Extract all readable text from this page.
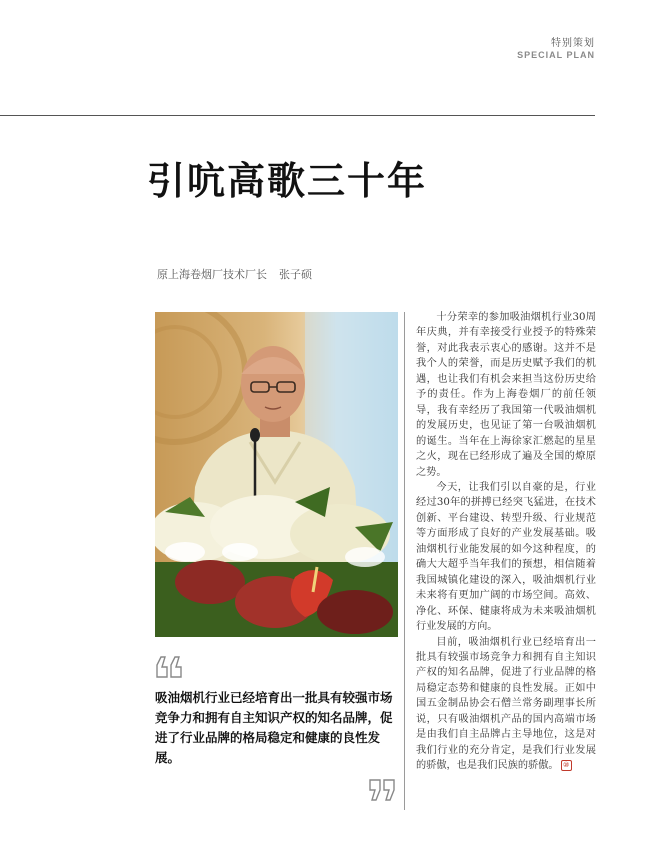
特别策划
SPECIAL PLAN
引吭高歌三十年
原上海卷烟厂技术厂长 张子硕
吸油烟机行业已经培育出一批具有较强市场竞争力和拥有自主知识产权的知名品牌，促进了行业品牌的格局稳定和健康的良性发展。

十分荣幸的参加吸油烟机行业30周年庆典，并有幸接受行业授予的特殊荣誉，对此我表示衷心的感谢。这并不是我个人的荣誉，而是历史赋予我们的机遇，也让我们有机会来担当这份历史给予的责任。作为上海卷烟厂的前任领导，我有幸经历了我国第一代吸油烟机的发展历史，也见证了第一台吸油烟机的诞生。当年在上海徐家汇燃起的星星之火，现在已经形成了遍及全国的燎原之势。

今天，让我们引以自豪的是，行业经过30年的拼搏已经突飞猛进，在技术创新、平台建设、转型升级、行业规范等方面形成了良好的产业发展基础。吸油烟机行业能发展的如今这种程度，的确大大超乎当年我们的预想，相信随着我国城镇化建设的深入，吸油烟机行业未来将有更加广阔的市场空间。高效、净化、环保、健康将成为未来吸油烟机行业发展的方向。

目前，吸油烟机行业已经培育出一批具有较强市场竞争力和拥有自主知识产权的知名品牌，促进了行业品牌的格局稳定态势和健康的良性发展。正如中国五金制品协会石僧兰常务副理事长所说，只有吸油烟机产品的国内高端市场是由我们自主品牌占主导地位，这是对我们行业的充分肯定，是我们行业发展的骄傲，也是我们民族的骄傲。 ⑩
